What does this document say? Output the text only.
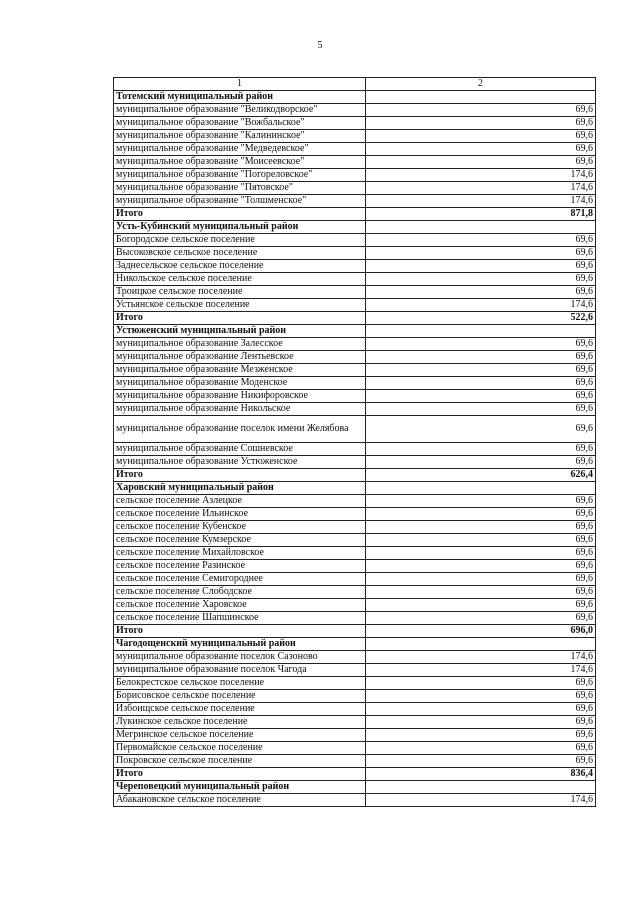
5
1	2
Тотемский муниципальный район	
муниципальное образование "Великодворское"	69,6
муниципальное образование "Вожбальское"	69,6
муниципальное образование "Калининское"	69,6
муниципальное образование "Медведевское"	69,6
муниципальное образование "Моисеевское"	69,6
муниципальное образование "Погореловское"	174,6
муниципальное образование "Пятовское"	174,6
муниципальное образование "Толшменское"	174,6
Итого	871,8
Усть-Кубинский муниципальный район	
Богородское сельское поселение	69,6
Высоковское сельское поселение	69,6
Заднесельское сельское поселение	69,6
Никольское сельское поселение	69,6
Троицкое сельское поселение	69,6
Устьянское сельское поселение	174,6
Итого	522,6
Устюженский муниципальный район	
муниципальное образование Залесское	69,6
муниципальное образование Лентьевское	69,6
муниципальное образование Мезженское	69,6
муниципальное образование Моденское	69,6
муниципальное образование Никифоровское	69,6
муниципальное образование Никольское	69,6
муниципальное образование поселок имени Желябова	69,6
муниципальное образование Сошневское	69,6
муниципальное образование Устюженское	69,6
Итого	626,4
Харовский муниципальный район	
сельское поселение Азлецкое	69,6
сельское поселение Ильинское	69,6
сельское поселение Кубенское	69,6
сельское поселение Кумзерское	69,6
сельское поселение Михайловское	69,6
сельское поселение Разинское	69,6
сельское поселение Семигороднее	69,6
сельское поселение Слободское	69,6
сельское поселение Харовское	69,6
сельское поселение Шапшинское	69,6
Итого	696,0
Чагодощенский муниципальный район	
муниципальное образование поселок Сазоново	174,6
муниципальное образование поселок Чагода	174,6
Белокрестское сельское поселение	69,6
Борисовское сельское поселение	69,6
Избоищское сельское поселение	69,6
Лукинское сельское поселение	69,6
Мегринское сельское поселение	69,6
Первомайское сельское поселение	69,6
Покровское сельское поселение	69,6
Итого	836,4
Череповецкий муниципальный район	
Абакановское сельское поселение	174,6
